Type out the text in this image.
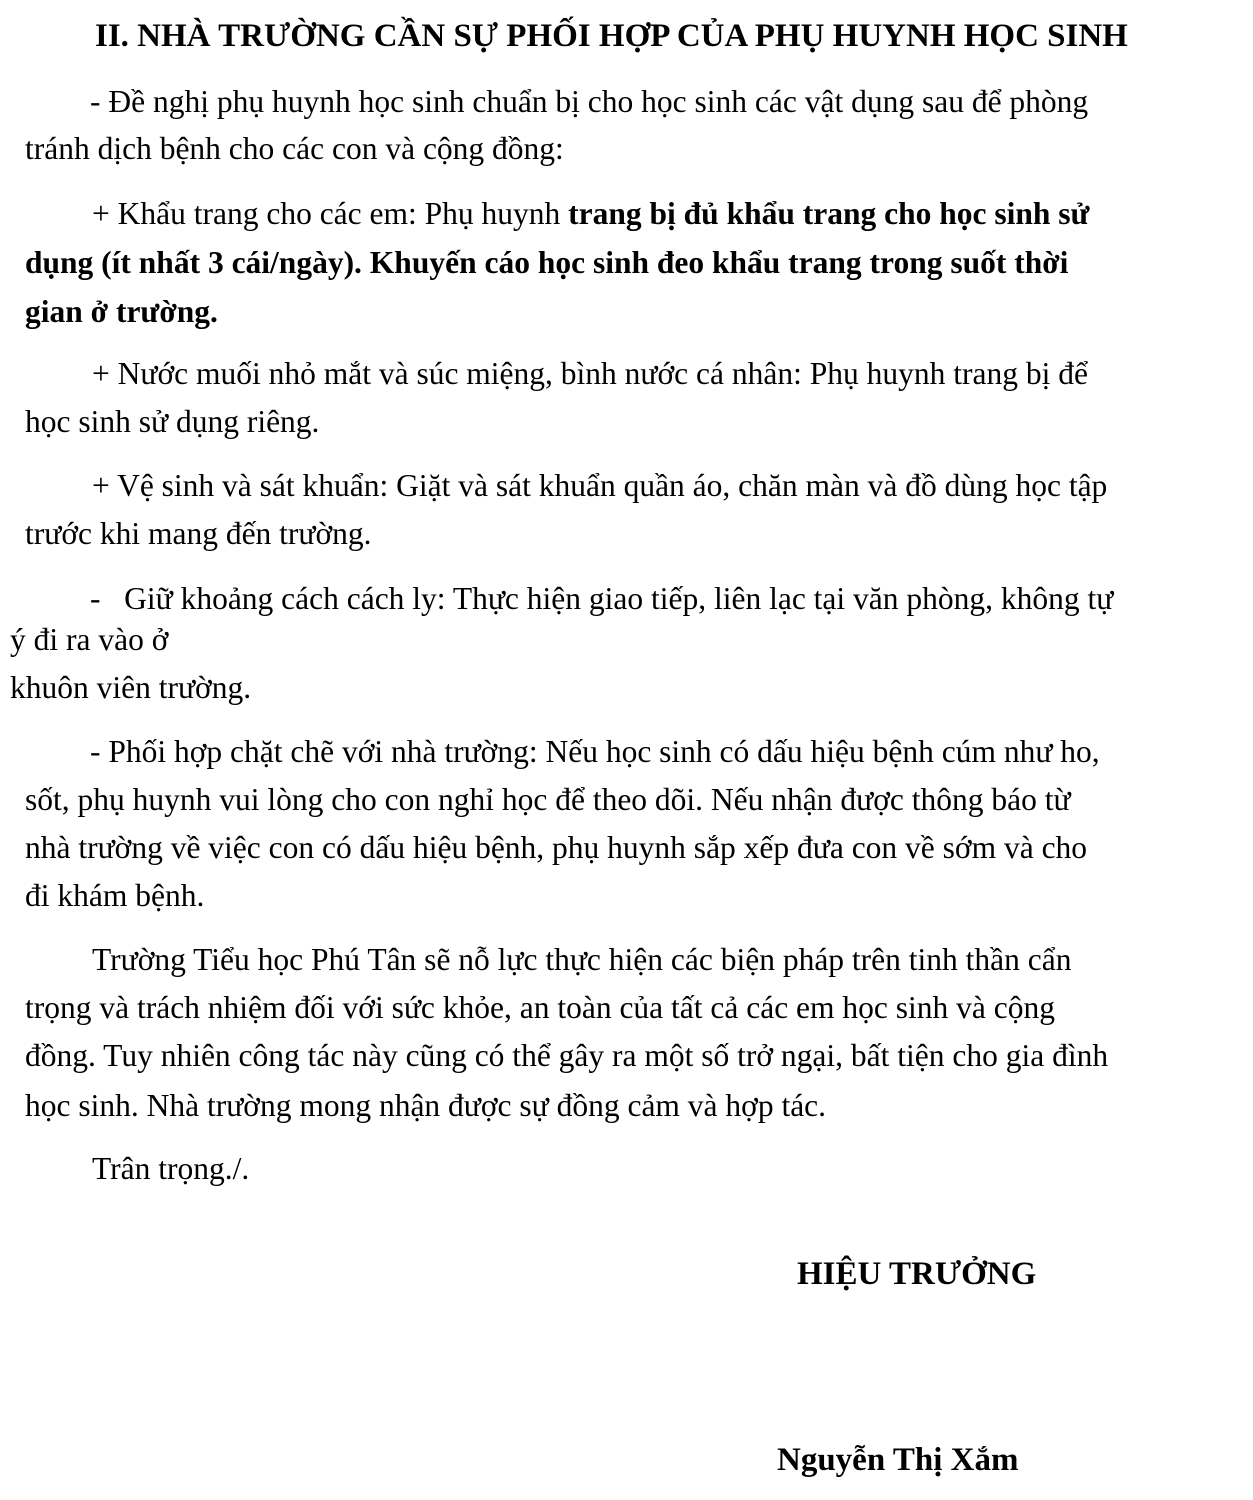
II. NHÀ TRƯỜNG CẦN SỰ PHỐI HỢP CỦA PHỤ HUYNH HỌC SINH
- Đề nghị phụ huynh học sinh chuẩn bị cho học sinh các vật dụng sau để phòng
tránh dịch bệnh cho các con và cộng đồng:
+ Khẩu trang cho các em: Phụ huynh trang bị đủ khẩu trang cho học sinh sử
dụng (ít nhất 3 cái/ngày). Khuyến cáo học sinh đeo khẩu trang trong suốt thời
gian ở trường.
+ Nước muối nhỏ mắt và súc miệng, bình nước cá nhân: Phụ huynh trang bị để
học sinh sử dụng riêng.
+ Vệ sinh và sát khuẩn: Giặt và sát khuẩn quần áo, chăn màn và đồ dùng học tập
trước khi mang đến trường.
-   Giữ khoảng cách cách ly: Thực hiện giao tiếp, liên lạc tại văn phòng, không tự
ý đi ra vào ở
khuôn viên trường.
- Phối hợp chặt chẽ với nhà trường: Nếu học sinh có dấu hiệu bệnh cúm như ho,
sốt, phụ huynh vui lòng cho con nghỉ học để theo dõi. Nếu nhận được thông báo từ
nhà trường về việc con có dấu hiệu bệnh, phụ huynh sắp xếp đưa con về sớm và cho
đi khám bệnh.
Trường Tiểu học Phú Tân sẽ nỗ lực thực hiện các biện pháp trên tinh thần cẩn
trọng và trách nhiệm đối với sức khỏe, an toàn của tất cả các em học sinh và cộng
đồng. Tuy nhiên công tác này cũng có thể gây ra một số trở ngại, bất tiện cho gia đình
học sinh. Nhà trường mong nhận được sự đồng cảm và hợp tác.
Trân trọng./.
HIỆU TRƯỞNG
Nguyễn Thị Xắm
